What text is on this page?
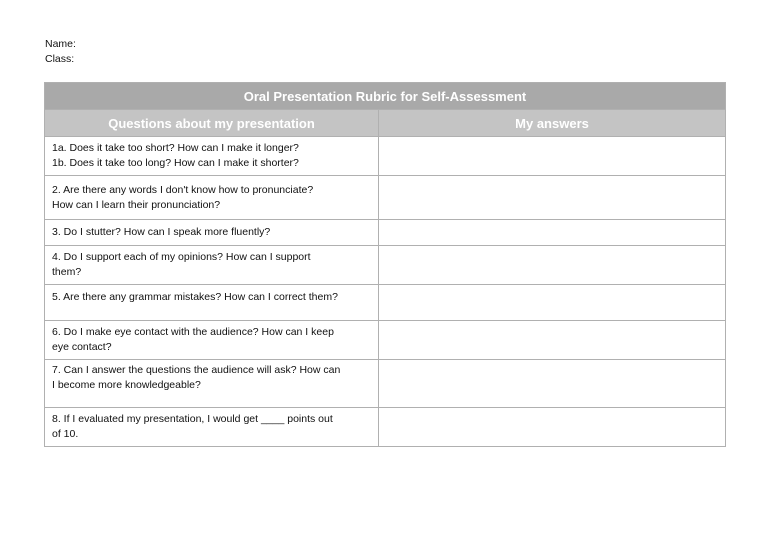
Name:
Class:
Oral Presentation Rubric for Self-Assessment	
Questions about my presentation	My answers

1a. Does it take too short? How can I make it longer?
1b. Does it take too long? How can I make it shorter?	

2. Are there any words I don't know how to pronunciate?
How can I learn their pronunciation?	

3. Do I stutter? How can I speak more fluently?	

4. Do I support each of my opinions? How can I support
them?	

5. Are there any grammar mistakes? How can I correct them?	

6. Do I make eye contact with the audience? How can I keep
eye contact?	

7. Can I answer the questions the audience will ask? How can
I become more knowledgeable?	

8. If I evaluated my presentation, I would get ____ points out
of 10.	
